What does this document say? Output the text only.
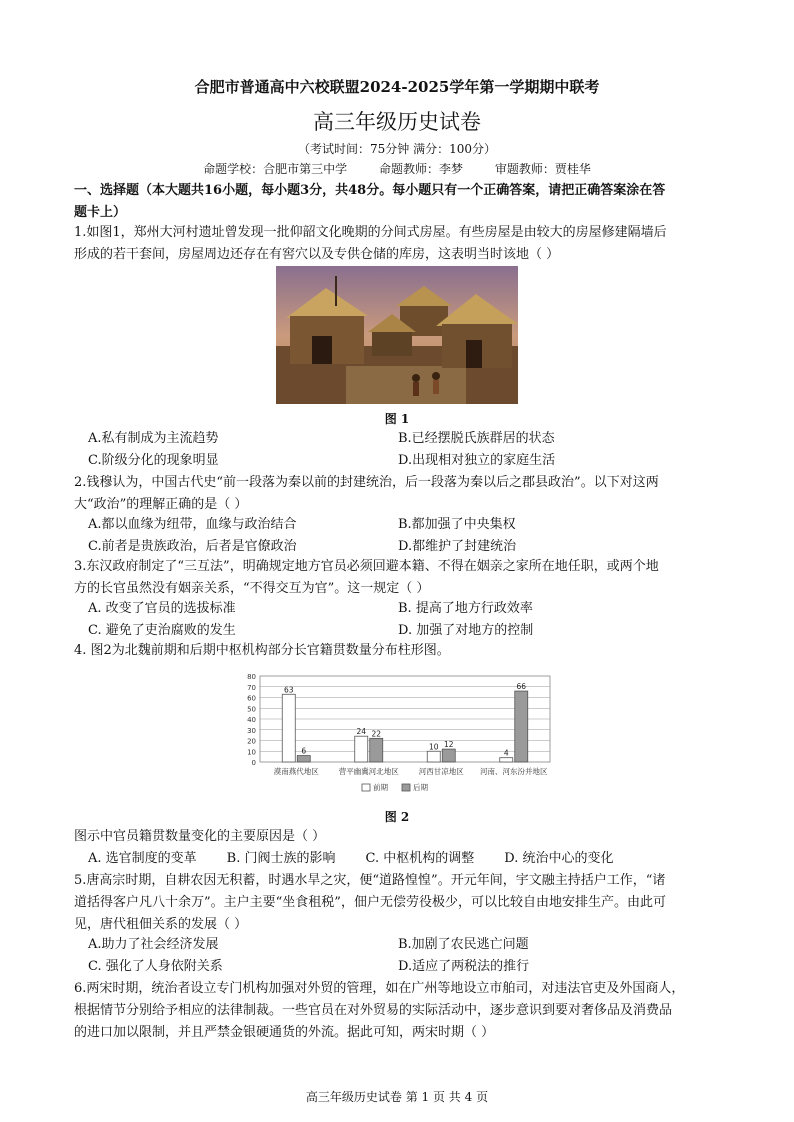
合肥市普通高中六校联盟2024-2025学年第一学期期中联考
高三年级历史试卷
（考试时间：75分钟 满分：100分）
命题学校：合肥市第三中学	命题教师：李梦	审题教师：贾桂华
一、选择题（本大题共16小题，每小题3分，共48分。每小题只有一个正确答案，请把正确答案涂在答
题卡上）
1.如图1，郑州大河村遗址曾发现一批仰韶文化晚期的分间式房屋。有些房屋是由较大的房屋修建隔墙后
形成的若干套间，房屋周边还存在有窖穴以及专供仓储的库房，这表明当时该地（ ）
图 1
A.私有制成为主流趋势	B.已经摆脱氏族群居的状态
C.阶级分化的现象明显	D.出现相对独立的家庭生活
2.钱穆认为，中国古代史“前一段落为秦以前的封建统治，后一段落为秦以后之郡县政治”。以下对这两
大“政治”的理解正确的是（ ）
A.都以血缘为纽带，血缘与政治结合	B.都加强了中央集权
C.前者是贵族政治，后者是官僚政治	D.都维护了封建统治
3.东汉政府制定了“三互法”，明确规定地方官员必须回避本籍、不得在姻亲之家所在地任职，或两个地
方的长官虽然没有姻亲关系，“不得交互为官”。这一规定（ ）
A. 改变了官员的选拔标准	B. 提高了地方行政效率
C. 避免了吏治腐败的发生	D. 加强了对地方的控制
4. 图2为北魏前期和后期中枢机构部分长官籍贯数量分布柱形图。
0
10
20
30
40
50
60
70
80
63
6
漠南燕代地区
24 22
营平幽冀河北地区
10 12
河西甘凉地区
4
66
河南、河东汾并地区
前期	后期
图 2
图示中官员籍贯数量变化的主要原因是（ ）
A. 选官制度的变革 B. 门阀士族的影响 C. 中枢机构的调整 D. 统治中心的变化
5.唐高宗时期，自耕农因无积蓄，时遇水旱之灾，便“道路惶惶”。开元年间，宇文融主持括户工作，“诸
道括得客户凡八十余万”。主户主要“坐食租税”，佃户无偿劳役极少，可以比较自由地安排生产。由此可
见，唐代租佃关系的发展（ ）
A.助力了社会经济发展	B.加剧了农民逃亡问题
C. 强化了人身依附关系	D.适应了两税法的推行
6.两宋时期，统治者设立专门机构加强对外贸的管理，如在广州等地设立市舶司，对违法官吏及外国商人，
根据情节分别给予相应的法律制裁。一些官员在对外贸易的实际活动中，逐步意识到要对奢侈品及消费品
的进口加以限制，并且严禁金银硬通货的外流。据此可知，两宋时期（ ）
高三年级历史试卷 第 1 页 共 4 页
